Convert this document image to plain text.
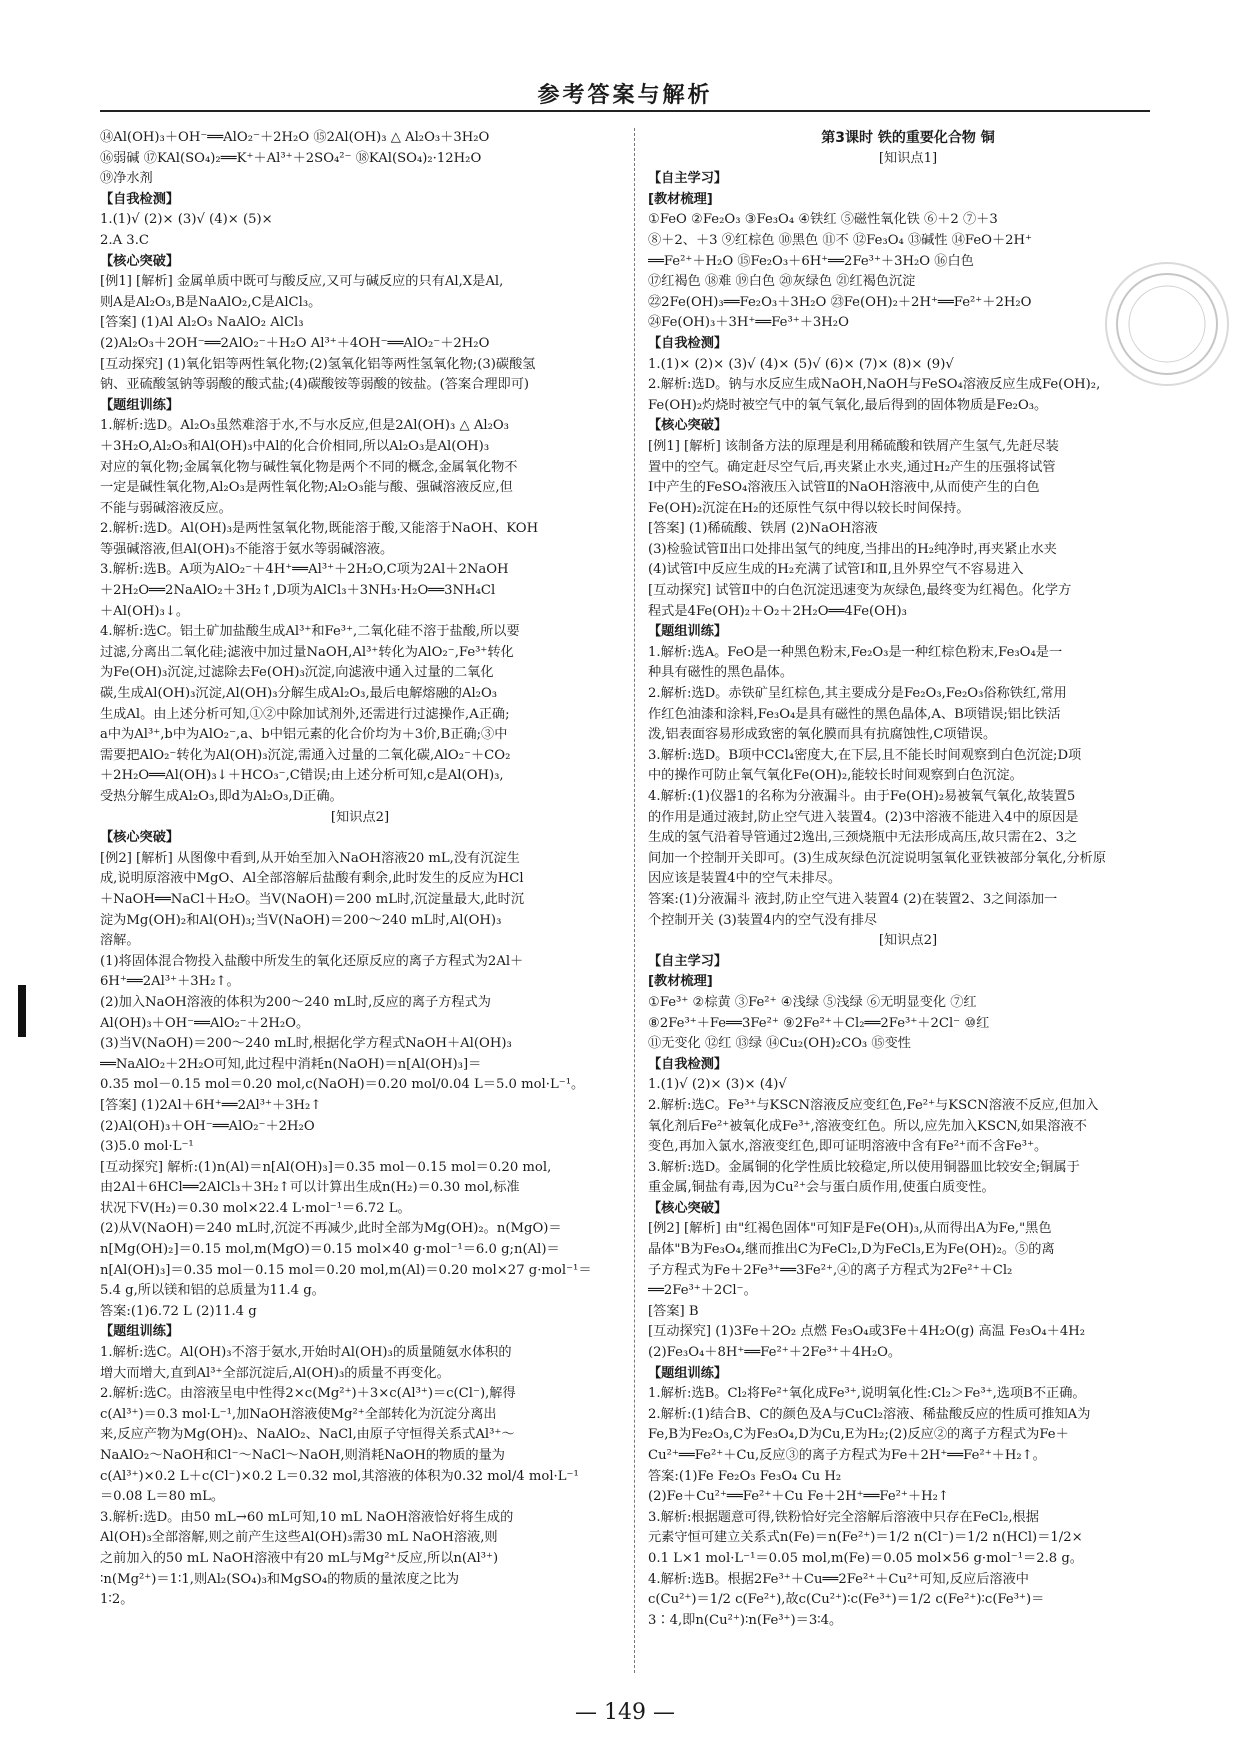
参考答案与解析
⑭Al(OH)₃＋OH⁻══AlO₂⁻＋2H₂O ⑮2Al(OH)₃ △ Al₂O₃＋3H₂O
⑯弱碱 ⑰KAl(SO₄)₂══K⁺＋Al³⁺＋2SO₄²⁻ ⑱KAl(SO₄)₂·12H₂O
⑲净水剂
【自我检测】
1.(1)√ (2)× (3)√ (4)× (5)×
2.A 3.C
【核心突破】
[例1] [解析] 金属单质中既可与酸反应,又可与碱反应的只有Al,X是Al,
则A是Al₂O₃,B是NaAlO₂,C是AlCl₃。
[答案] (1)Al Al₂O₃ NaAlO₂ AlCl₃
(2)Al₂O₃＋2OH⁻══2AlO₂⁻＋H₂O Al³⁺＋4OH⁻══AlO₂⁻＋2H₂O
[互动探究] (1)氧化铝等两性氧化物;(2)氢氧化铝等两性氢氧化物;(3)碳酸氢
钠、亚硫酸氢钠等弱酸的酸式盐;(4)碳酸铵等弱酸的铵盐。(答案合理即可)
【题组训练】
1.解析:选D。Al₂O₃虽然难溶于水,不与水反应,但是2Al(OH)₃ △ Al₂O₃
＋3H₂O,Al₂O₃和Al(OH)₃中Al的化合价相同,所以Al₂O₃是Al(OH)₃
对应的氧化物;金属氧化物与碱性氧化物是两个不同的概念,金属氧化物不
一定是碱性氧化物,Al₂O₃是两性氧化物;Al₂O₃能与酸、强碱溶液反应,但
不能与弱碱溶液反应。
2.解析:选D。Al(OH)₃是两性氢氧化物,既能溶于酸,又能溶于NaOH、KOH
等强碱溶液,但Al(OH)₃不能溶于氨水等弱碱溶液。
3.解析:选B。A项为AlO₂⁻＋4H⁺══Al³⁺＋2H₂O,C项为2Al＋2NaOH
＋2H₂O══2NaAlO₂＋3H₂↑,D项为AlCl₃＋3NH₃·H₂O══3NH₄Cl
＋Al(OH)₃↓。
4.解析:选C。铝土矿加盐酸生成Al³⁺和Fe³⁺,二氧化硅不溶于盐酸,所以要
过滤,分离出二氧化硅;滤液中加过量NaOH,Al³⁺转化为AlO₂⁻,Fe³⁺转化
为Fe(OH)₃沉淀,过滤除去Fe(OH)₃沉淀,向滤液中通入过量的二氧化
碳,生成Al(OH)₃沉淀,Al(OH)₃分解生成Al₂O₃,最后电解熔融的Al₂O₃
生成Al。由上述分析可知,①②中除加试剂外,还需进行过滤操作,A正确;
a中为Al³⁺,b中为AlO₂⁻,a、b中铝元素的化合价均为＋3价,B正确;③中
需要把AlO₂⁻转化为Al(OH)₃沉淀,需通入过量的二氧化碳,AlO₂⁻＋CO₂
＋2H₂O══Al(OH)₃↓＋HCO₃⁻,C错误;由上述分析可知,c是Al(OH)₃,
受热分解生成Al₂O₃,即d为Al₂O₃,D正确。
[知识点2]
【核心突破】
[例2] [解析] 从图像中看到,从开始至加入NaOH溶液20 mL,没有沉淀生
成,说明原溶液中MgO、Al全部溶解后盐酸有剩余,此时发生的反应为HCl
＋NaOH══NaCl＋H₂O。当V(NaOH)＝200 mL时,沉淀量最大,此时沉
淀为Mg(OH)₂和Al(OH)₃;当V(NaOH)＝200～240 mL时,Al(OH)₃
溶解。
(1)将固体混合物投入盐酸中所发生的氧化还原反应的离子方程式为2Al＋
6H⁺══2Al³⁺＋3H₂↑。
(2)加入NaOH溶液的体积为200～240 mL时,反应的离子方程式为
Al(OH)₃＋OH⁻══AlO₂⁻＋2H₂O。
(3)当V(NaOH)＝200～240 mL时,根据化学方程式NaOH＋Al(OH)₃
══NaAlO₂＋2H₂O可知,此过程中消耗n(NaOH)＝n[Al(OH)₃]＝
0.35 mol－0.15 mol＝0.20 mol,c(NaOH)＝0.20 mol/0.04 L＝5.0 mol·L⁻¹。
[答案] (1)2Al＋6H⁺══2Al³⁺＋3H₂↑
(2)Al(OH)₃＋OH⁻══AlO₂⁻＋2H₂O
(3)5.0 mol·L⁻¹
[互动探究] 解析:(1)n(Al)＝n[Al(OH)₃]＝0.35 mol－0.15 mol＝0.20 mol,
由2Al＋6HCl══2AlCl₃＋3H₂↑可以计算出生成n(H₂)＝0.30 mol,标准
状况下V(H₂)＝0.30 mol×22.4 L·mol⁻¹＝6.72 L。
(2)从V(NaOH)＝240 mL时,沉淀不再减少,此时全部为Mg(OH)₂。n(MgO)＝
n[Mg(OH)₂]＝0.15 mol,m(MgO)＝0.15 mol×40 g·mol⁻¹＝6.0 g;n(Al)＝
n[Al(OH)₃]＝0.35 mol－0.15 mol＝0.20 mol,m(Al)＝0.20 mol×27 g·mol⁻¹＝
5.4 g,所以镁和铝的总质量为11.4 g。
答案:(1)6.72 L (2)11.4 g
【题组训练】
1.解析:选C。Al(OH)₃不溶于氨水,开始时Al(OH)₃的质量随氨水体积的
增大而增大,直到Al³⁺全部沉淀后,Al(OH)₃的质量不再变化。
2.解析:选C。由溶液呈电中性得2×c(Mg²⁺)＋3×c(Al³⁺)＝c(Cl⁻),解得
c(Al³⁺)＝0.3 mol·L⁻¹,加NaOH溶液使Mg²⁺全部转化为沉淀分离出
来,反应产物为Mg(OH)₂、NaAlO₂、NaCl,由原子守恒得关系式Al³⁺～
NaAlO₂～NaOH和Cl⁻～NaCl～NaOH,则消耗NaOH的物质的量为
c(Al³⁺)×0.2 L＋c(Cl⁻)×0.2 L＝0.32 mol,其溶液的体积为0.32 mol/4 mol·L⁻¹
＝0.08 L＝80 mL。
3.解析:选D。由50 mL→60 mL可知,10 mL NaOH溶液恰好将生成的
Al(OH)₃全部溶解,则之前产生这些Al(OH)₃需30 mL NaOH溶液,则
之前加入的50 mL NaOH溶液中有20 mL与Mg²⁺反应,所以n(Al³⁺)
∶n(Mg²⁺)＝1∶1,则Al₂(SO₄)₃和MgSO₄的物质的量浓度之比为
1∶2。
第3课时 铁的重要化合物 铜
[知识点1]
【自主学习】
[教材梳理]
①FeO ②Fe₂O₃ ③Fe₃O₄ ④铁红 ⑤磁性氧化铁 ⑥＋2 ⑦＋3
⑧＋2、＋3 ⑨红棕色 ⑩黑色 ⑪不 ⑫Fe₃O₄ ⑬碱性 ⑭FeO＋2H⁺
══Fe²⁺＋H₂O ⑮Fe₂O₃＋6H⁺══2Fe³⁺＋3H₂O ⑯白色
⑰红褐色 ⑱难 ⑲白色 ⑳灰绿色 ㉑红褐色沉淀
㉒2Fe(OH)₃══Fe₂O₃＋3H₂O ㉓Fe(OH)₂＋2H⁺══Fe²⁺＋2H₂O
㉔Fe(OH)₃＋3H⁺══Fe³⁺＋3H₂O
【自我检测】
1.(1)× (2)× (3)√ (4)× (5)√ (6)× (7)× (8)× (9)√
2.解析:选D。钠与水反应生成NaOH,NaOH与FeSO₄溶液反应生成Fe(OH)₂,
Fe(OH)₂灼烧时被空气中的氧气氧化,最后得到的固体物质是Fe₂O₃。
【核心突破】
[例1] [解析] 该制备方法的原理是利用稀硫酸和铁屑产生氢气,先赶尽装
置中的空气。确定赶尽空气后,再夹紧止水夹,通过H₂产生的压强将试管
Ⅰ中产生的FeSO₄溶液压入试管Ⅱ的NaOH溶液中,从而使产生的白色
Fe(OH)₂沉淀在H₂的还原性气氛中得以较长时间保持。
[答案] (1)稀硫酸、铁屑 (2)NaOH溶液
(3)检验试管Ⅱ出口处排出氢气的纯度,当排出的H₂纯净时,再夹紧止水夹
(4)试管Ⅰ中反应生成的H₂充满了试管Ⅰ和Ⅱ,且外界空气不容易进入
[互动探究] 试管Ⅱ中的白色沉淀迅速变为灰绿色,最终变为红褐色。化学方
程式是4Fe(OH)₂＋O₂＋2H₂O══4Fe(OH)₃
【题组训练】
1.解析:选A。FeO是一种黑色粉末,Fe₂O₃是一种红棕色粉末,Fe₃O₄是一
种具有磁性的黑色晶体。
2.解析:选D。赤铁矿呈红棕色,其主要成分是Fe₂O₃,Fe₂O₃俗称铁红,常用
作红色油漆和涂料,Fe₃O₄是具有磁性的黑色晶体,A、B项错误;铝比铁活
泼,铝表面容易形成致密的氧化膜而具有抗腐蚀性,C项错误。
3.解析:选D。B项中CCl₄密度大,在下层,且不能长时间观察到白色沉淀;D项
中的操作可防止氧气氧化Fe(OH)₂,能较长时间观察到白色沉淀。
4.解析:(1)仪器1的名称为分液漏斗。由于Fe(OH)₂易被氧气氧化,故装置5
的作用是通过液封,防止空气进入装置4。(2)3中溶液不能进入4中的原因是
生成的氢气沿着导管通过2逸出,三颈烧瓶中无法形成高压,故只需在2、3之
间加一个控制开关即可。(3)生成灰绿色沉淀说明氢氧化亚铁被部分氧化,分析原
因应该是装置4中的空气未排尽。
答案:(1)分液漏斗 液封,防止空气进入装置4 (2)在装置2、3之间添加一
个控制开关 (3)装置4内的空气没有排尽
[知识点2]
【自主学习】
[教材梳理]
①Fe³⁺ ②棕黄 ③Fe²⁺ ④浅绿 ⑤浅绿 ⑥无明显变化 ⑦红
⑧2Fe³⁺＋Fe══3Fe²⁺ ⑨2Fe²⁺＋Cl₂══2Fe³⁺＋2Cl⁻ ⑩红
⑪无变化 ⑫红 ⑬绿 ⑭Cu₂(OH)₂CO₃ ⑮变性
【自我检测】
1.(1)√ (2)× (3)× (4)√
2.解析:选C。Fe³⁺与KSCN溶液反应变红色,Fe²⁺与KSCN溶液不反应,但加入
氧化剂后Fe²⁺被氧化成Fe³⁺,溶液变红色。所以,应先加入KSCN,如果溶液不
变色,再加入氯水,溶液变红色,即可证明溶液中含有Fe²⁺而不含Fe³⁺。
3.解析:选D。金属铜的化学性质比较稳定,所以使用铜器皿比较安全;铜属于
重金属,铜盐有毒,因为Cu²⁺会与蛋白质作用,使蛋白质变性。
【核心突破】
[例2] [解析] 由"红褐色固体"可知F是Fe(OH)₃,从而得出A为Fe,"黑色
晶体"B为Fe₃O₄,继而推出C为FeCl₂,D为FeCl₃,E为Fe(OH)₂。⑤的离
子方程式为Fe＋2Fe³⁺══3Fe²⁺,④的离子方程式为2Fe²⁺＋Cl₂
══2Fe³⁺＋2Cl⁻。
[答案] B
[互动探究] (1)3Fe＋2O₂ 点燃 Fe₃O₄或3Fe＋4H₂O(g) 高温 Fe₃O₄＋4H₂
(2)Fe₃O₄＋8H⁺══Fe²⁺＋2Fe³⁺＋4H₂O。
【题组训练】
1.解析:选B。Cl₂将Fe²⁺氧化成Fe³⁺,说明氧化性:Cl₂＞Fe³⁺,选项B不正确。
2.解析:(1)结合B、C的颜色及A与CuCl₂溶液、稀盐酸反应的性质可推知A为
Fe,B为Fe₂O₃,C为Fe₃O₄,D为Cu,E为H₂;(2)反应②的离子方程式为Fe＋
Cu²⁺══Fe²⁺＋Cu,反应③的离子方程式为Fe＋2H⁺══Fe²⁺＋H₂↑。
答案:(1)Fe Fe₂O₃ Fe₃O₄ Cu H₂
(2)Fe＋Cu²⁺══Fe²⁺＋Cu Fe＋2H⁺══Fe²⁺＋H₂↑
3.解析:根据题意可得,铁粉恰好完全溶解后溶液中只存在FeCl₂,根据
元素守恒可建立关系式n(Fe)＝n(Fe²⁺)＝1/2 n(Cl⁻)＝1/2 n(HCl)＝1/2×
0.1 L×1 mol·L⁻¹＝0.05 mol,m(Fe)＝0.05 mol×56 g·mol⁻¹＝2.8 g。
4.解析:选B。根据2Fe³⁺＋Cu══2Fe²⁺＋Cu²⁺可知,反应后溶液中
c(Cu²⁺)＝1/2 c(Fe²⁺),故c(Cu²⁺)∶c(Fe³⁺)＝1/2 c(Fe²⁺)∶c(Fe³⁺)＝
3∶4,即n(Cu²⁺)∶n(Fe³⁺)＝3∶4。
— 149 —
